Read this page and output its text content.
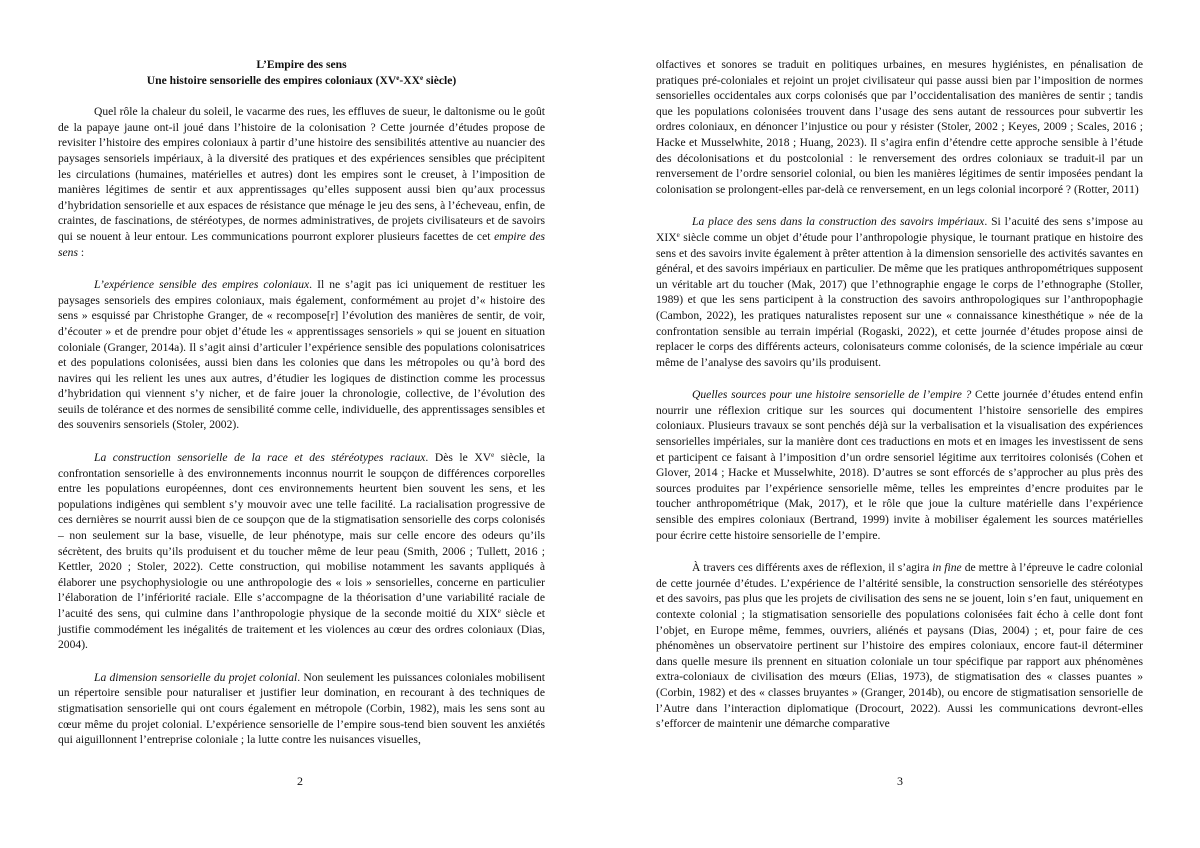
L’Empire des sens
Une histoire sensorielle des empires coloniaux (XVe-XXe siècle)

Quel rôle la chaleur du soleil, le vacarme des rues, les effluves de sueur, le daltonisme ou le goût de la papaye jaune ont-il joué dans l’histoire de la colonisation ? Cette journée d’études propose de revisiter l’histoire des empires coloniaux à partir d’une histoire des sensibilités attentive au nuancier des paysages sensoriels impériaux, à la diversité des pratiques et des expériences sensibles que précipitent les circulations (humaines, matérielles et autres) dont les empires sont le creuset, à l’imposition de manières légitimes de sentir et aux apprentissages qu’elles supposent aussi bien qu’aux processus d’hybridation sensorielle et aux espaces de résistance que ménage le jeu des sens, à l’écheveau, enfin, de craintes, de fascinations, de stéréotypes, de normes administratives, de projets civilisateurs et de savoirs qui se nouent à leur entour. Les communications pourront explorer plusieurs facettes de cet empire des sens :

L’expérience sensible des empires coloniaux. Il ne s’agit pas ici uniquement de restituer les paysages sensoriels des empires coloniaux, mais également, conformément au projet d’« histoire des sens » esquissé par Christophe Granger, de « recompose[r] l’évolution des manières de sentir, de voir, d’écouter » et de prendre pour objet d’étude les « apprentissages sensoriels » qui se jouent en situation coloniale (Granger, 2014a). Il s’agit ainsi d’articuler l’expérience sensible des populations colonisatrices et des populations colonisées, aussi bien dans les colonies que dans les métropoles ou qu’à bord des navires qui les relient les unes aux autres, d’étudier les logiques de distinction comme les processus d’hybridation qui viennent s’y nicher, et de faire jouer la chronologie, collective, de l’évolution des seuils de tolérance et des normes de sensibilité comme celle, individuelle, des apprentissages sensibles et des souvenirs sensoriels (Stoler, 2002).

La construction sensorielle de la race et des stéréotypes raciaux. Dès le XVe siècle, la confrontation sensorielle à des environnements inconnus nourrit le soupçon de différences corporelles entre les populations européennes, dont ces environnements heurtent bien souvent les sens, et les populations indigènes qui semblent s’y mouvoir avec une telle facilité. La racialisation progressive de ces dernières se nourrit aussi bien de ce soupçon que de la stigmatisation sensorielle des corps colonisés – non seulement sur la base, visuelle, de leur phénotype, mais sur celle encore des odeurs qu’ils sécrètent, des bruits qu’ils produisent et du toucher même de leur peau (Smith, 2006 ; Tullett, 2016 ; Kettler, 2020 ; Stoler, 2022). Cette construction, qui mobilise notamment les savants appliqués à élaborer une psychophysiologie ou une anthropologie des « lois » sensorielles, concerne en particulier l’élaboration de l’infériorité raciale. Elle s’accompagne de la théorisation d’une variabilité raciale de l’acuité des sens, qui culmine dans l’anthropologie physique de la seconde moitié du XIXe siècle et justifie commodément les inégalités de traitement et les violences au cœur des ordres coloniaux (Dias, 2004).

La dimension sensorielle du projet colonial. Non seulement les puissances coloniales mobilisent un répertoire sensible pour naturaliser et justifier leur domination, en recourant à des techniques de stigmatisation sensorielle qui ont cours également en métropole (Corbin, 1982), mais les sens sont au cœur même du projet colonial. L’expérience sensorielle de l’empire sous-tend bien souvent les anxiétés qui aiguillonnent l’entreprise coloniale ; la lutte contre les nuisances visuelles,

2

olfactives et sonores se traduit en politiques urbaines, en mesures hygiénistes, en pénalisation de pratiques pré-coloniales et rejoint un projet civilisateur qui passe aussi bien par l’imposition de normes sensorielles occidentales aux corps colonisés que par l’occidentalisation des manières de sentir ; tandis que les populations colonisées trouvent dans l’usage des sens autant de ressources pour subvertir les ordres coloniaux, en dénoncer l’injustice ou pour y résister (Stoler, 2002 ; Keyes, 2009 ; Scales, 2016 ; Hacke et Musselwhite, 2018 ; Huang, 2023). Il s’agira enfin d’étendre cette approche sensible à l’étude des décolonisations et du postcolonial : le renversement des ordres coloniaux se traduit-il par un renversement de l’ordre sensoriel colonial, ou bien les manières légitimes de sentir imposées pendant la colonisation se prolongent-elles par-delà ce renversement, en un legs colonial incorporé ? (Rotter, 2011)

La place des sens dans la construction des savoirs impériaux. Si l’acuité des sens s’impose au XIXe siècle comme un objet d’étude pour l’anthropologie physique, le tournant pratique en histoire des sens et des savoirs invite également à prêter attention à la dimension sensorielle des activités savantes en général, et des savoirs impériaux en particulier. De même que les pratiques anthropométriques supposent un véritable art du toucher (Mak, 2017) que l’ethnographie engage le corps de l’ethnographe (Stoller, 1989) et que les sens participent à la construction des savoirs anthropologiques sur l’anthropophagie (Cambon, 2022), les pratiques naturalistes reposent sur une « connaissance kinesthétique » née de la confrontation sensible au terrain impérial (Rogaski, 2022), et cette journée d’études propose ainsi de replacer le corps des différents acteurs, colonisateurs comme colonisés, de la science impériale au cœur même de l’analyse des savoirs qu’ils produisent.

Quelles sources pour une histoire sensorielle de l’empire ? Cette journée d’études entend enfin nourrir une réflexion critique sur les sources qui documentent l’histoire sensorielle des empires coloniaux. Plusieurs travaux se sont penchés déjà sur la verbalisation et la visualisation des expériences sensorielles impériales, sur la manière dont ces traductions en mots et en images les investissent de sens et participent ce faisant à l’imposition d’un ordre sensoriel légitime aux territoires colonisés (Cohen et Glover, 2014 ; Hacke et Musselwhite, 2018). D’autres se sont efforcés de s’approcher au plus près des sources produites par l’expérience sensorielle même, telles les empreintes d’encre produites par le toucher anthropométrique (Mak, 2017), et le rôle que joue la culture matérielle dans l’expérience sensible des empires coloniaux (Bertrand, 1999) invite à mobiliser également les sources matérielles pour écrire cette histoire sensorielle de l’empire.

À travers ces différents axes de réflexion, il s’agira in fine de mettre à l’épreuve le cadre colonial de cette journée d’études. L’expérience de l’altérité sensible, la construction sensorielle des stéréotypes et des savoirs, pas plus que les projets de civilisation des sens ne se jouent, loin s’en faut, uniquement en contexte colonial ; la stigmatisation sensorielle des populations colonisées fait écho à celle dont font l’objet, en Europe même, femmes, ouvriers, aliénés et paysans (Dias, 2004) ; et, pour faire de ces phénomènes un observatoire pertinent sur l’histoire des empires coloniaux, encore faut-il déterminer dans quelle mesure ils prennent en situation coloniale un tour spécifique par rapport aux phénomènes extra-coloniaux de civilisation des mœurs (Elias, 1973), de stigmatisation des « classes puantes » (Corbin, 1982) et des « classes bruyantes » (Granger, 2014b), ou encore de stigmatisation sensorielle de l’Autre dans l’interaction diplomatique (Drocourt, 2022). Aussi les communications devront-elles s’efforcer de maintenir une démarche comparative

3
